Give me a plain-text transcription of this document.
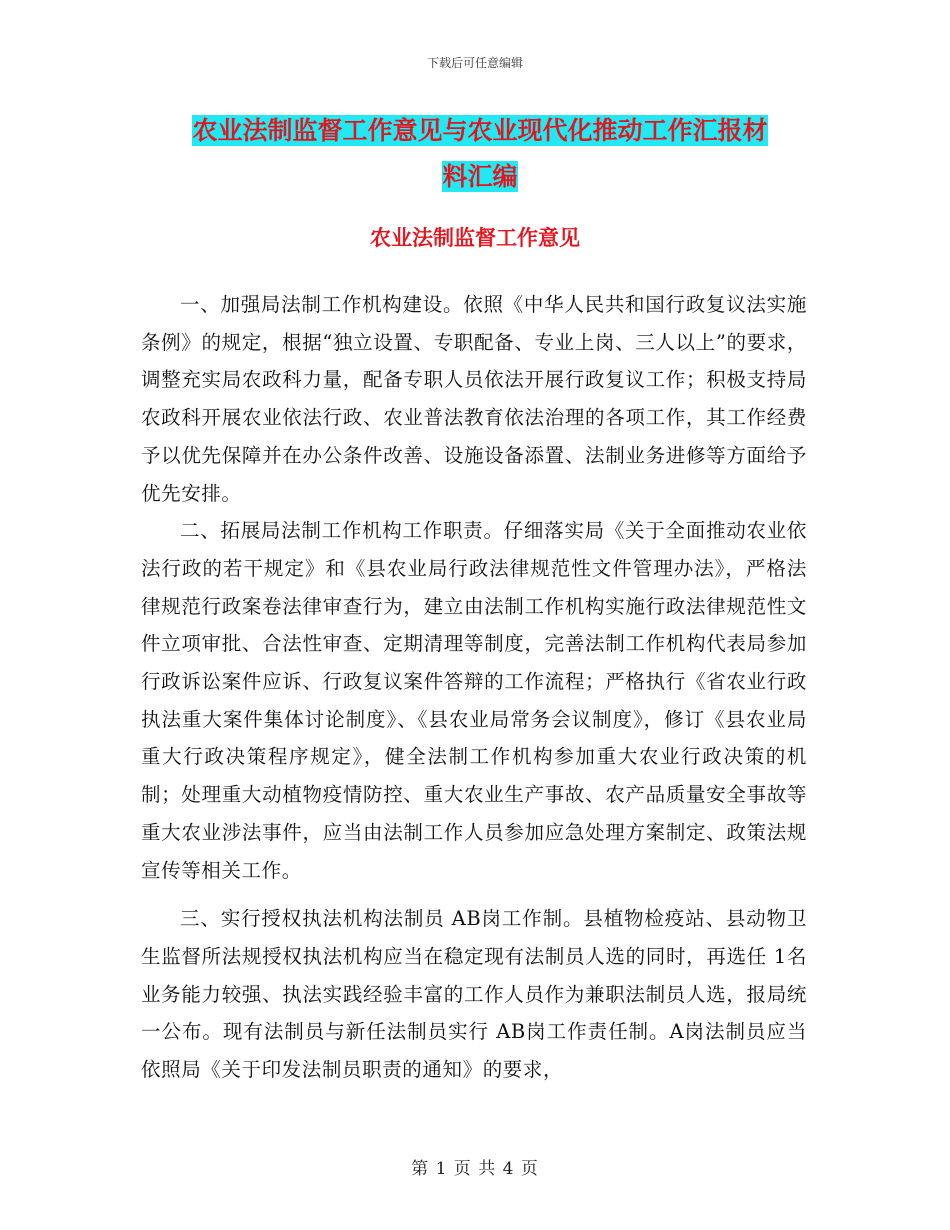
下载后可任意编辑
农业法制监督工作意见与农业现代化推动工作汇报材
料汇编
农业法制监督工作意见

一、加强局法制工作机构建设。依照《中华人民共和国行政复议法实施条例》的规定，根据“独立设置、专职配备、专业上岗、三人以上”的要求，调整充实局农政科力量，配备专职人员依法开展行政复议工作；积极支持局农政科开展农业依法行政、农业普法教育依法治理的各项工作，其工作经费予以优先保障并在办公条件改善、设施设备添置、法制业务进修等方面给予优先安排。

二、拓展局法制工作机构工作职责。仔细落实局《关于全面推动农业依法行政的若干规定》和《县农业局行政法律规范性文件管理办法》，严格法律规范行政案卷法律审查行为，建立由法制工作机构实施行政法律规范性文件立项审批、合法性审查、定期清理等制度，完善法制工作机构代表局参加行政诉讼案件应诉、行政复议案件答辩的工作流程；严格执行《省农业行政执法重大案件集体讨论制度》、《县农业局常务会议制度》，修订《县农业局重大行政决策程序规定》，健全法制工作机构参加重大农业行政决策的机制；处理重大动植物疫情防控、重大农业生产事故、农产品质量安全事故等重大农业涉法事件，应当由法制工作人员参加应急处理方案制定、政策法规宣传等相关工作。

三、实行授权执法机构法制员 AB岗工作制。县植物检疫站、县动物卫生监督所法规授权执法机构应当在稳定现有法制员人选的同时，再选任 1名业务能力较强、执法实践经验丰富的工作人员作为兼职法制员人选，报局统一公布。现有法制员与新任法制员实行 AB岗工作责任制。A岗法制员应当依照局《关于印发法制员职责的通知》的要求，

第 1 页 共 4 页
